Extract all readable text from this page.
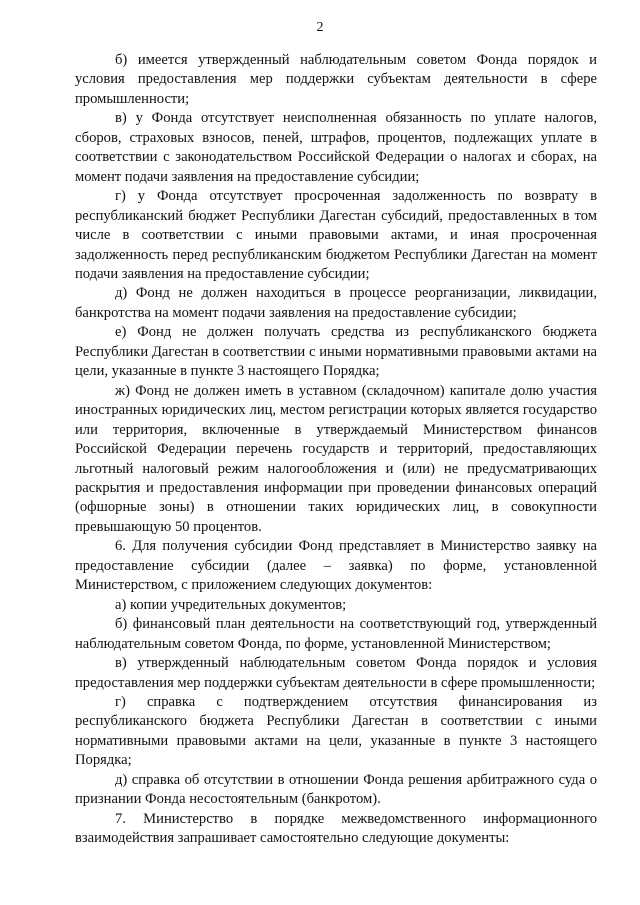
2

б) имеется утвержденный наблюдательным советом Фонда порядок и условия предоставления мер поддержки субъектам деятельности в сфере промышленности;

в) у Фонда отсутствует неисполненная обязанность по уплате налогов, сборов, страховых взносов, пеней, штрафов, процентов, подлежащих уплате в соответствии с законодательством Российской Федерации о налогах и сборах, на момент подачи заявления на предоставление субсидии;

г) у Фонда отсутствует просроченная задолженность по возврату в республиканский бюджет Республики Дагестан субсидий, предоставленных в том числе в соответствии с иными правовыми актами, и иная просроченная задолженность перед республиканским бюджетом Республики Дагестан на момент подачи заявления на предоставление субсидии;

д) Фонд не должен находиться в процессе реорганизации, ликвидации, банкротства на момент подачи заявления на предоставление субсидии;

е) Фонд не должен получать средства из республиканского бюджета Республики Дагестан в соответствии с иными нормативными правовыми актами на цели, указанные в пункте 3 настоящего Порядка;

ж) Фонд не должен иметь в уставном (складочном) капитале долю участия иностранных юридических лиц, местом регистрации которых является государство или территория, включенные в утверждаемый Министерством финансов Российской Федерации перечень государств и территорий, предоставляющих льготный налоговый режим налогообложения и (или) не предусматривающих раскрытия и предоставления информации при проведении финансовых операций (офшорные зоны) в отношении таких юридических лиц, в совокупности превышающую 50 процентов.

6. Для получения субсидии Фонд представляет в Министерство заявку на предоставление субсидии (далее – заявка) по форме, установленной Министерством, с приложением следующих документов:

а) копии учредительных документов;

б) финансовый план деятельности на соответствующий год, утвержденный наблюдательным советом Фонда, по форме, установленной Министерством;

в) утвержденный наблюдательным советом Фонда порядок и условия предоставления мер поддержки субъектам деятельности в сфере промышленности;

г) справка с подтверждением отсутствия финансирования из республиканского бюджета Республики Дагестан в соответствии с иными нормативными правовыми актами на цели, указанные в пункте 3 настоящего Порядка;

д) справка об отсутствии в отношении Фонда решения арбитражного суда о признании Фонда несостоятельным (банкротом).

7. Министерство в порядке межведомственного информационного взаимодействия запрашивает самостоятельно следующие документы:
